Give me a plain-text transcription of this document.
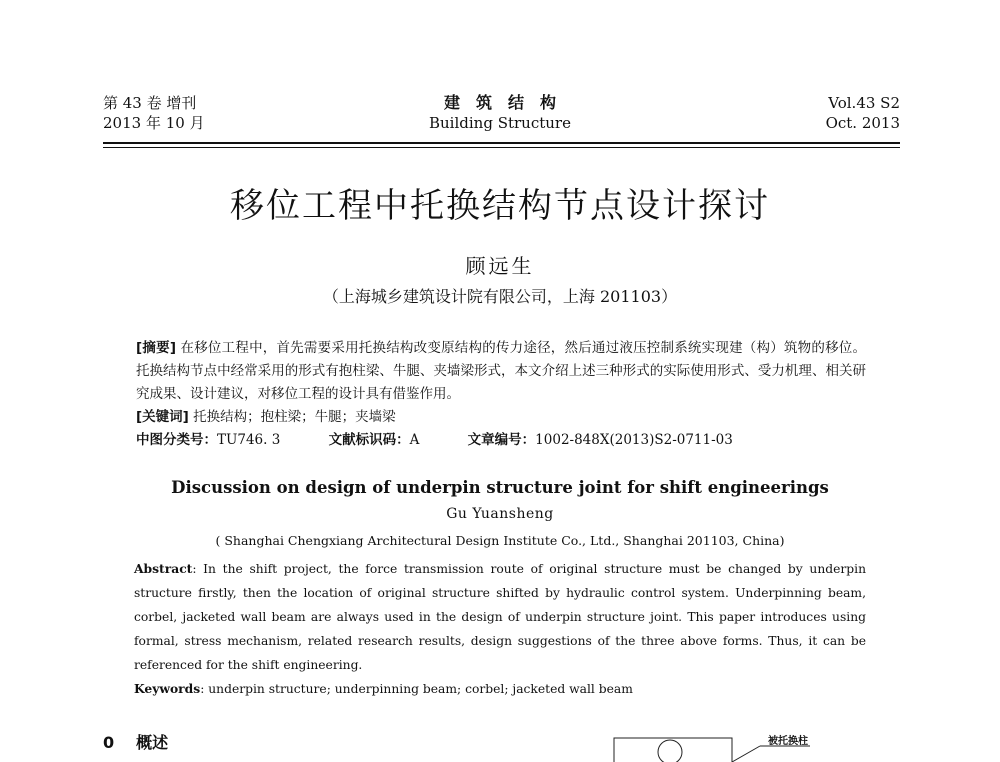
第 43 卷 增刊
2013 年 10 月
建筑结构
Building Structure
Vol.43 S2
Oct. 2013
移位工程中托换结构节点设计探讨
顾远生
（上海城乡建筑设计院有限公司，上海 201103）

[摘要] 在移位工程中，首先需要采用托换结构改变原结构的传力途径，然后通过液压控制系统实现建（构）筑物的移位。托换结构节点中经常采用的形式有抱柱梁、牛腿、夹墙梁形式，本文介绍上述三种形式的实际使用形式、受力机理、相关研究成果、设计建议，对移位工程的设计具有借鉴作用。

[关键词] 托换结构；抱柱梁；牛腿；夹墙梁

中图分类号：TU746. 3	文献标识码：A	文章编号：1002-848X(2013)S2-0711-03

Discussion on design of underpin structure joint for shift engineerings
Gu Yuansheng
( Shanghai Chengxiang Architectural Design Institute Co., Ltd., Shanghai 201103, China)

Abstract: In the shift project, the force transmission route of original structure must be changed by underpin structure firstly, then the location of original structure shifted by hydraulic control system. Underpinning beam, corbel, jacketed wall beam are always used in the design of underpin structure joint. This paper introduces using formal, stress mechanism, related research results, design suggestions of the three above forms. Thus, it can be referenced for the shift engineering.

Keywords: underpin structure; underpinning beam; corbel; jacketed wall beam

0 概述	被托换柱
